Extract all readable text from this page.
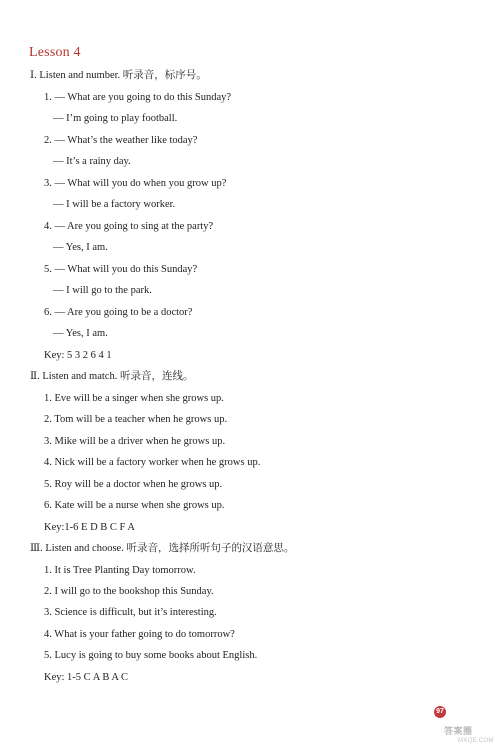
Lesson 4
Ⅰ. Listen and number. 听录音，标序号。
1. — What are you going to do this Sunday?
— I’m going to play football.
2. — What’s the weather like today?
— It’s a rainy day.
3. — What will you do when you grow up?
— I will be a factory worker.
4. — Are you going to sing at the party?
— Yes, I am.
5. — What will you do this Sunday?
— I will go to the park.
6. — Are you going to be a doctor?
— Yes, I am.
Key: 5 3 2 6 4 1
Ⅱ. Listen and match. 听录音，连线。
1. Eve will be a singer when she grows up.
2. Tom will be a teacher when he grows up.
3. Mike will be a driver when he grows up.
4. Nick will be a factory worker when he grows up.
5. Roy will be a doctor when he grows up.
6. Kate will be a nurse when she grows up.
Key:1-6 E D B C F A
Ⅲ. Listen and choose. 听录音，选择所听句子的汉语意思。
1. It is Tree Planting Day tomorrow.
2. I will go to the bookshop this Sunday.
3. Science is difficult, but it’s interesting.
4. What is your father going to do tomorrow?
5. Lucy is going to buy some books about English.
Key: 1-5 C A B A C
97
答案圈
MXQE.COM
